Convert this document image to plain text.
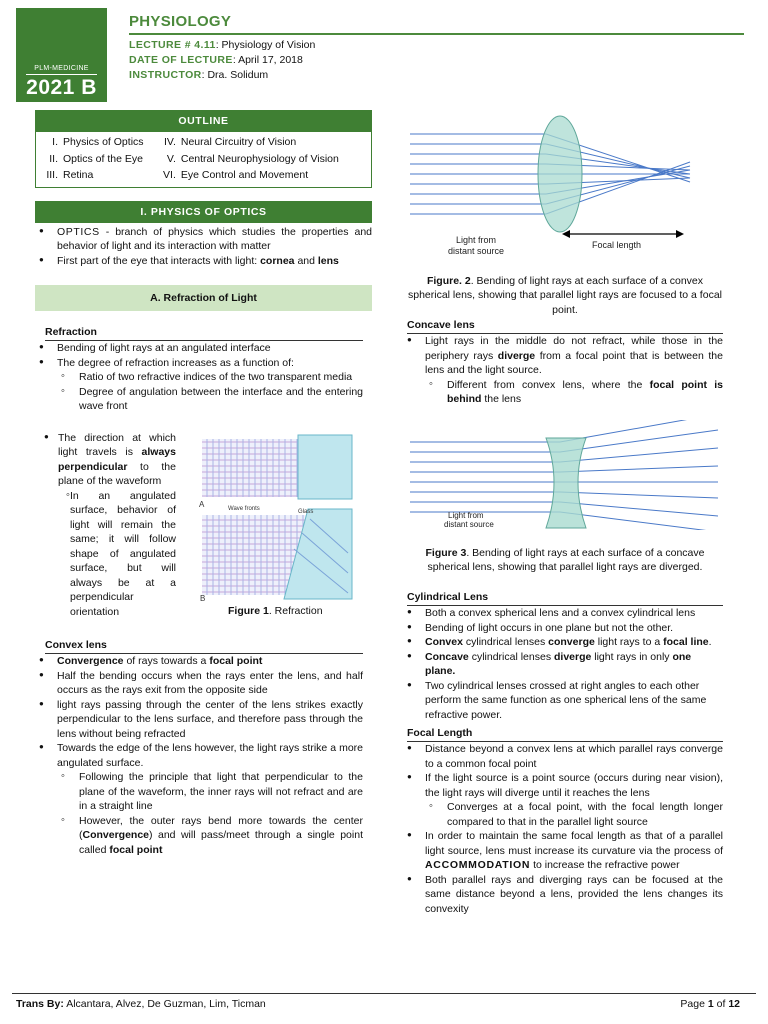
PLM-MEDICINE
2021 B
PHYSIOLOGY
LECTURE # 4.11: Physiology of Vision
DATE OF LECTURE: April 17, 2018
INSTRUCTOR: Dra. Solidum
OUTLINE
I.	Physics of Optics	IV.	Neural Circuitry of Vision
II.	Optics of the Eye	V.	Central Neurophysiology of Vision
III.	Retina	VI.	Eye Control and Movement
I. PHYSICS OF OPTICS
● OPTICS - branch of physics which studies the properties and behavior of light and its interaction with matter
● First part of the eye that interacts with light: cornea and lens
A. Refraction of Light
Refraction
● Bending of light rays at an angulated interface
● The degree of refraction increases as a function of:
◦ Ratio of two refractive indices of the two transparent media
◦ Degree of angulation between the interface and the entering wave front
● The direction at which light travels is always perpendicular to the plane of the waveform
◦ In an angulated surface, behavior of light will remain the same; it will follow shape of angulated surface, but will always be at a perpendicular orientation
A	Wave fronts	Glass
B
Figure 1. Refraction
Convex lens
● Convergence of rays towards a focal point
● Half the bending occurs when the rays enter the lens, and half occurs as the rays exit from the opposite side
● light rays passing through the center of the lens strikes exactly perpendicular to the lens surface, and therefore pass through the lens without being refracted
● Towards the edge of the lens however, the light rays strike a more angulated surface.
◦ Following the principle that light that perpendicular to the plane of the waveform, the inner rays will not refract and are in a straight line
◦ However, the outer rays bend more towards the center (Convergence) and will pass/meet through a single point called focal point
Light from distant source
Focal length
Figure. 2. Bending of light rays at each surface of a convex spherical lens, showing that parallel light rays are focused to a focal point.
Concave lens
● Light rays in the middle do not refract, while those in the periphery rays diverge from a focal point that is between the lens and the light source.
◦ Different from convex lens, where the focal point is behind the lens
Light from distant source
Figure 3. Bending of light rays at each surface of a concave spherical lens, showing that parallel light rays are diverged.
Cylindrical Lens
● Both a convex spherical lens and a convex cylindrical lens
● Bending of light occurs in one plane but not the other.
● Convex cylindrical lenses converge light rays to a focal line.
● Concave cylindrical lenses diverge light rays in only one plane.
● Two cylindrical lenses crossed at right angles to each other perform the same function as one spherical lens of the same refractive power.
Focal Length
● Distance beyond a convex lens at which parallel rays converge to a common focal point
● If the light source is a point source (occurs during near vision), the light rays will diverge until it reaches the lens
◦ Converges at a focal point, with the focal length longer compared to that in the parallel light source
● In order to maintain the same focal length as that of a parallel light source, lens must increase its curvature via the process of ACCOMMODATION to increase the refractive power
● Both parallel rays and diverging rays can be focused at the same distance beyond a lens, provided the lens changes its convexity
Trans By: Alcantara, Alvez, De Guzman, Lim, Ticman	Page 1 of 12
